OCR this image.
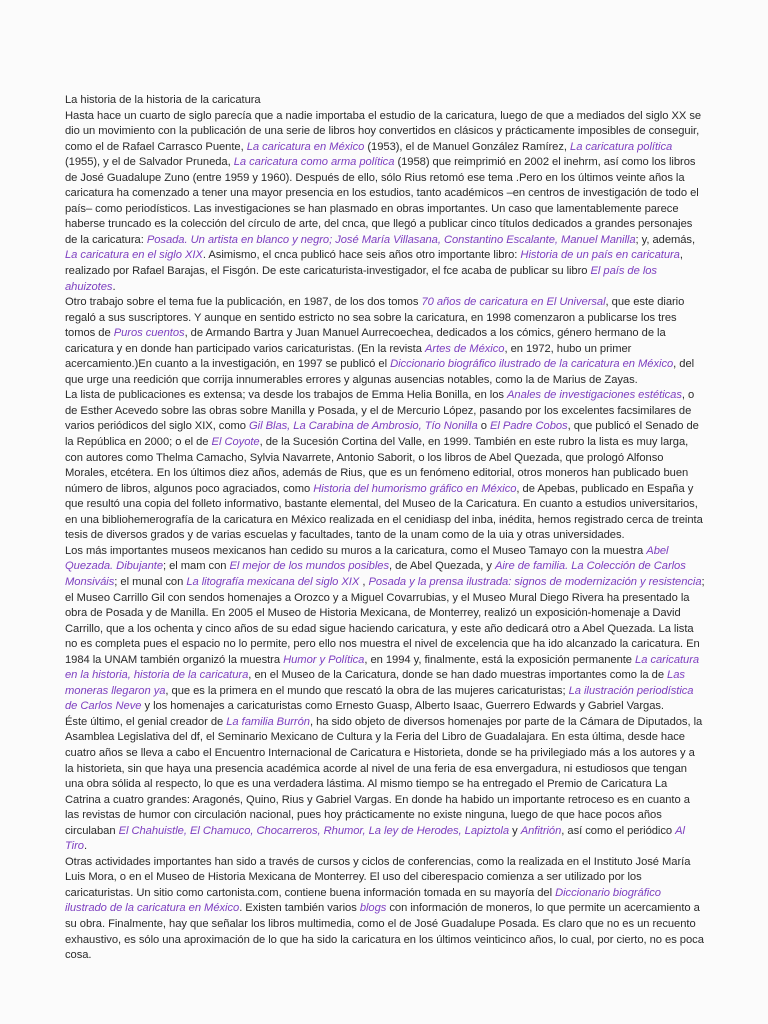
La historia de la historia de la caricatura

Hasta hace un cuarto de siglo parecía que a nadie importaba el estudio de la caricatura, luego de que a mediados del siglo XX se dio un movimiento con la publicación de una serie de libros hoy convertidos en clásicos y prácticamente imposibles de conseguir, como el de Rafael Carrasco Puente, La caricatura en México (1953), el de Manuel González Ramírez, La caricatura política (1955), y el de Salvador Pruneda, La caricatura como arma política (1958) que reimprimió en 2002 el inehrm, así como los libros de José Guadalupe Zuno (entre 1959 y 1960). Después de ello, sólo Rius retomó ese tema .Pero en los últimos veinte años la caricatura ha comenzado a tener una mayor presencia en los estudios, tanto académicos –en centros de investigación de todo el país– como periodísticos. Las investigaciones se han plasmado en obras importantes. Un caso que lamentablemente parece haberse truncado es la colección del círculo de arte, del cnca, que llegó a publicar cinco títulos dedicados a grandes personajes de la caricatura: Posada. Un artista en blanco y negro; José María Villasana, Constantino Escalante, Manuel Manilla; y, además, La caricatura en el siglo XIX. Asimismo, el cnca publicó hace seis años otro importante libro: Historia de un país en caricatura, realizado por Rafael Barajas, el Fisgón. De este caricaturista-investigador, el fce acaba de publicar su libro El país de los ahuizotes.

Otro trabajo sobre el tema fue la publicación, en 1987, de los dos tomos 70 años de caricatura en El Universal, que este diario regaló a sus suscriptores. Y aunque en sentido estricto no sea sobre la caricatura, en 1998 comenzaron a publicarse los tres tomos de Puros cuentos, de Armando Bartra y Juan Manuel Aurrecoechea, dedicados a los cómics, género hermano de la caricatura y en donde han participado varios caricaturistas. (En la revista Artes de México, en 1972, hubo un primer acercamiento.)En cuanto a la investigación, en 1997 se publicó el Diccionario biográfico ilustrado de la caricatura en México, del que urge una reedición que corrija innumerables errores y algunas ausencias notables, como la de Marius de Zayas.

La lista de publicaciones es extensa; va desde los trabajos de Emma Helia Bonilla, en los Anales de investigaciones estéticas, o de Esther Acevedo sobre las obras sobre Manilla y Posada, y el de Mercurio López, pasando por los excelentes facsimilares de varios periódicos del siglo XIX, como Gil Blas, La Carabina de Ambrosio, Tío Nonilla o El Padre Cobos, que publicó el Senado de la República en 2000; o el de El Coyote, de la Sucesión Cortina del Valle, en 1999. También en este rubro la lista es muy larga, con autores como Thelma Camacho, Sylvia Navarrete, Antonio Saborit, o los libros de Abel Quezada, que prologó Alfonso Morales, etcétera. En los últimos diez años, además de Rius, que es un fenómeno editorial, otros moneros han publicado buen número de libros, algunos poco agraciados, como Historia del humorismo gráfico en México, de Apebas, publicado en España y que resultó una copia del folleto informativo, bastante elemental, del Museo de la Caricatura. En cuanto a estudios universitarios, en una bibliohemerografía de la caricatura en México realizada en el cenidiasp del inba, inédita, hemos registrado cerca de treinta tesis de diversos grados y de varias escuelas y facultades, tanto de la unam como de la uia y otras universidades.

Los más importantes museos mexicanos han cedido su muros a la caricatura, como el Museo Tamayo con la muestra Abel Quezada. Dibujante; el mam con El mejor de los mundos posibles, de Abel Quezada, y Aire de familia. La Colección de Carlos Monsiváis; el munal con La litografía mexicana del siglo XIX , Posada y la prensa ilustrada: signos de modernización y resistencia; el Museo Carrillo Gil con sendos homenajes a Orozco y a Miguel Covarrubias, y el Museo Mural Diego Rivera ha presentado la obra de Posada y de Manilla. En 2005 el Museo de Historia Mexicana, de Monterrey, realizó un exposición-homenaje a David Carrillo, que a los ochenta y cinco años de su edad sigue haciendo caricatura, y este año dedicará otro a Abel Quezada. La lista no es completa pues el espacio no lo permite, pero ello nos muestra el nivel de excelencia que ha ido alcanzado la caricatura. En 1984 la UNAM también organizó la muestra Humor y Política, en 1994 y, finalmente, está la exposición permanente La caricatura en la historia, historia de la caricatura, en el Museo de la Caricatura, donde se han dado muestras importantes como la de Las moneras llegaron ya, que es la primera en el mundo que rescató la obra de las mujeres caricaturistas; La ilustración periodística de Carlos Neve y los homenajes a caricaturistas como Ernesto Guasp, Alberto Isaac, Guerrero Edwards y Gabriel Vargas.

Éste último, el genial creador de La familia Burrón, ha sido objeto de diversos homenajes por parte de la Cámara de Diputados, la Asamblea Legislativa del df, el Seminario Mexicano de Cultura y la Feria del Libro de Guadalajara. En esta última, desde hace cuatro años se lleva a cabo el Encuentro Internacional de Caricatura e Historieta, donde se ha privilegiado más a los autores y a la historieta, sin que haya una presencia académica acorde al nivel de una feria de esa envergadura, ni estudiosos que tengan una obra sólida al respecto, lo que es una verdadera lástima. Al mismo tiempo se ha entregado el Premio de Caricatura La Catrina a cuatro grandes: Aragonés, Quino, Rius y Gabriel Vargas. En donde ha habido un importante retroceso es en cuanto a las revistas de humor con circulación nacional, pues hoy prácticamente no existe ninguna, luego de que hace pocos años circulaban El Chahuistle, El Chamuco, Chocarreros, Rhumor, La ley de Herodes, Lapiztola y Anfitrión, así como el periódico Al Tiro.

Otras actividades importantes han sido a través de cursos y ciclos de conferencias, como la realizada en el Instituto José María Luis Mora, o en el Museo de Historia Mexicana de Monterrey. El uso del ciberespacio comienza a ser utilizado por los caricaturistas. Un sitio como cartonista.com, contiene buena información tomada en su mayoría del Diccionario biográfico ilustrado de la caricatura en México. Existen también varios blogs con información de moneros, lo que permite un acercamiento a su obra. Finalmente, hay que señalar los libros multimedia, como el de José Guadalupe Posada. Es claro que no es un recuento exhaustivo, es sólo una aproximación de lo que ha sido la caricatura en los últimos veinticinco años, lo cual, por cierto, no es poca cosa.
